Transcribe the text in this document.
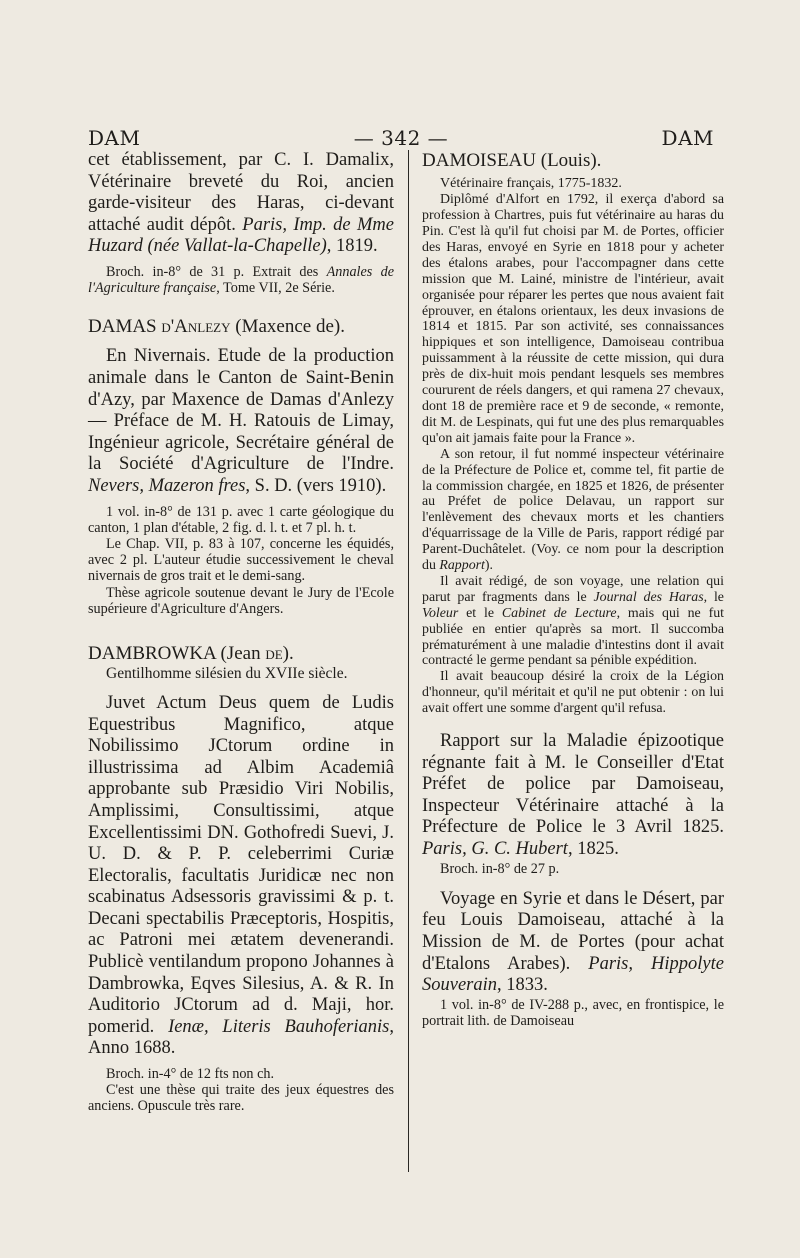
DAM	— 342 —	DAM

cet établissement, par C. I. Damalix, Vétérinaire breveté du Roi, ancien garde-visiteur des Haras, ci-devant attaché audit dépôt. Paris, Imp. de Mme Huzard (née Vallat-la-Chapelle), 1819.

Broch. in-8° de 31 p. Extrait des Annales de l'Agriculture française, Tome VII, 2e Série.

DAMAS d'Anlezy (Maxence de).

En Nivernais. Etude de la production animale dans le Canton de Saint-Benin d'Azy, par Maxence de Damas d'Anlezy — Préface de M. H. Ratouis de Limay, Ingénieur agricole, Secrétaire général de la Société d'Agriculture de l'Indre. Nevers, Mazeron fres, S. D. (vers 1910).

1 vol. in-8° de 131 p. avec 1 carte géologique du canton, 1 plan d'étable, 2 fig. d. l. t. et 7 pl. h. t.

Le Chap. VII, p. 83 à 107, concerne les équidés, avec 2 pl. L'auteur étudie successivement le cheval nivernais de gros trait et le demi-sang.

Thèse agricole soutenue devant le Jury de l'Ecole supérieure d'Agriculture d'Angers.

DAMBROWKA (Jean de).

Gentilhomme silésien du XVIIe siècle.

Juvet Actum Deus quem de Ludis Equestribus Magnifico, atque Nobilissimo JCtorum ordine in illustrissima ad Albim Academiâ approbante sub Præsidio Viri Nobilis, Amplissimi, Consultissimi, atque Excellentissimi DN. Gothofredi Suevi, J. U. D. & P. P. celeberrimi Curiæ Electoralis, facultatis Juridicæ nec non scabinatus Adsessoris gravissimi & p. t. Decani spectabilis Præceptoris, Hospitis, ac Patroni mei ætatem devenerandi. Publicè ventilandum propono Johannes à Dambrowka, Eqves Silesius, A. & R. In Auditorio JCtorum ad d. Maji, hor. pomerid. Ienæ, Literis Bauhoferianis, Anno 1688.

Broch. in-4° de 12 fts non ch.

C'est une thèse qui traite des jeux équestres des anciens. Opuscule très rare.

DAMOISEAU (Louis).

Vétérinaire français, 1775-1832.

Diplômé d'Alfort en 1792, il exerça d'abord sa profession à Chartres, puis fut vétérinaire au haras du Pin. C'est là qu'il fut choisi par M. de Portes, officier des Haras, envoyé en Syrie en 1818 pour y acheter des étalons arabes, pour l'accompagner dans cette mission que M. Lainé, ministre de l'intérieur, avait organisée pour réparer les pertes que nous avaient fait éprouver, en étalons orientaux, les deux invasions de 1814 et 1815. Par son activité, ses connaissances hippiques et son intelligence, Damoiseau contribua puissamment à la réussite de cette mission, qui dura près de dix-huit mois pendant lesquels ses membres coururent de réels dangers, et qui ramena 27 chevaux, dont 18 de première race et 9 de seconde, « remonte, dit M. de Lespinats, qui fut une des plus remarquables qu'on ait jamais faite pour la France ».

A son retour, il fut nommé inspecteur vétérinaire de la Préfecture de Police et, comme tel, fit partie de la commission chargée, en 1825 et 1826, de présenter au Préfet de police Delavau, un rapport sur l'enlèvement des chevaux morts et les chantiers d'équarrissage de la Ville de Paris, rapport rédigé par Parent-Duchâtelet. (Voy. ce nom pour la description du Rapport).

Il avait rédigé, de son voyage, une relation qui parut par fragments dans le Journal des Haras, le Voleur et le Cabinet de Lecture, mais qui ne fut publiée en entier qu'après sa mort. Il succomba prématurément à une maladie d'intestins dont il avait contracté le germe pendant sa pénible expédition.

Il avait beaucoup désiré la croix de la Légion d'honneur, qu'il méritait et qu'il ne put obtenir : on lui avait offert une somme d'argent qu'il refusa.

Rapport sur la Maladie épizootique régnante fait à M. le Conseiller d'Etat Préfet de police par Damoiseau, Inspecteur Vétérinaire attaché à la Préfecture de Police le 3 Avril 1825. Paris, G. C. Hubert, 1825.

Broch. in-8° de 27 p.

Voyage en Syrie et dans le Désert, par feu Louis Damoiseau, attaché à la Mission de M. de Portes (pour achat d'Etalons Arabes). Paris, Hippolyte Souverain, 1833.

1 vol. in-8° de IV-288 p., avec, en frontispice, le portrait lith. de Damoiseau
